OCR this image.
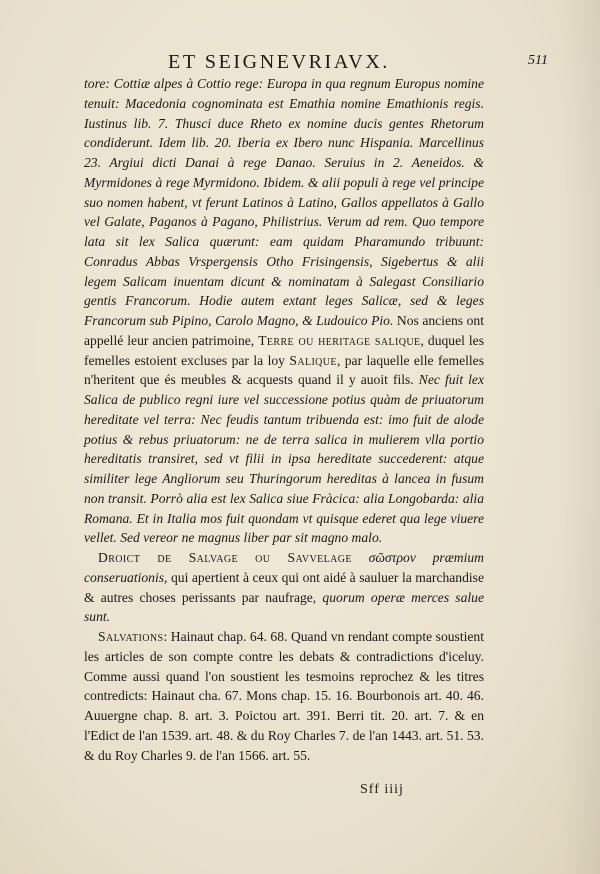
ET SEIGNEVRIAVX.	511

tore: Cottiæ alpes à Cottio rege: Europa in qua regnum Europus nomine tenuit: Macedonia cognominata est Emathia nomine Emathionis regis. Iustinus lib. 7. Thusci duce Rheto ex nomine ducis gentes Rhetorum condiderunt. Idem lib. 20. Iberia ex Ibero nunc Hispania. Marcellinus 23. Argiui dicti Danai à rege Danao. Seruius in 2. Aeneidos. & Myrmidones à rege Myrmidono. Ibidem. & alii populi à rege vel principe suo nomen habent, vt ferunt Latinos à Latino, Gallos appellatos à Gallo vel Galate, Paganos à Pagano, Philistrius. Verum ad rem. Quo tempore lata sit lex Salica quærunt: eam quidam Pharamundo tribuunt: Conradus Abbas Vrspergensis Otho Frisingensis, Sigebertus & alii legem Salicam inuentam dicunt & nominatam à Salegast Consiliario gentis Francorum. Hodie autem extant leges Salicæ, sed & leges Francorum sub Pipino, Carolo Magno, & Ludouico Pio. Nos anciens ont appellé leur ancien patrimoine, Terre ou heritage salique, duquel les femelles estoient excluses par la loy Salique, par laquelle elle femelles n'heritent que és meubles & acquests quand il y auoit fils. Nec fuit lex Salica de publico regni iure vel successione potius quàm de priuatorum hereditate vel terra: Nec feudis tantum tribuenda est: imo fuit de alode potius & rebus priuatorum: ne de terra salica in mulierem vlla portio hereditatis transiret, sed vt filii in ipsa hereditate succederent: atque similiter lege Angliorum seu Thuringorum hereditas à lancea in fusum non transit. Porrò alia est lex Salica siue Fràcica: alia Longobarda: alia Romana. Et in Italia mos fuit quondam vt quisque ederet qua lege viuere vellet. Sed vereor ne magnus liber par sit magno malo.

Droict de Salvage ou Savvelage σῶστρον præmium conseruationis, qui apertient à ceux qui ont aidé à sauluer la marchandise & autres choses perissants par naufrage, quorum operæ merces salue sunt.

Salvations: Hainaut chap. 64. 68. Quand vn rendant compte soustient les articles de son compte contre les debats & contradictions d'iceluy. Comme aussi quand l'on soustient les tesmoins reprochez & les titres contredicts: Hainaut cha. 67. Mons chap. 15. 16. Bourbonois art. 40. 46. Auuergne chap. 8. art. 3. Poictou art. 391. Berri tit. 20. art. 7. & en l'Edict de l'an 1539. art. 48. & du Roy Charles 7. de l'an 1443. art. 51. 53. & du Roy Charles 9. de l'an 1566. art. 55.

Sff iiij
